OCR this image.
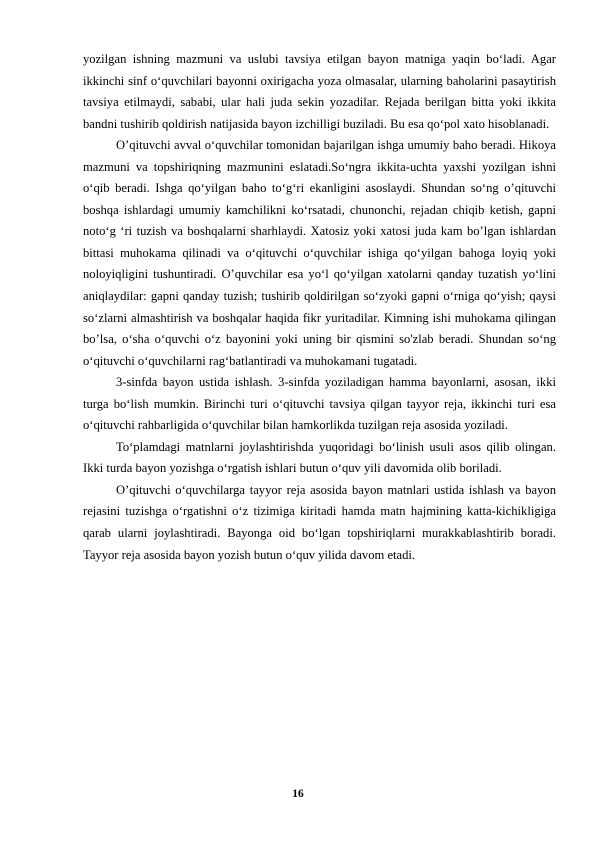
yozilgan ishning mazmuni va uslubi tavsiya etilgan bayon matniga yaqin bo‘ladi. Agar ikkinchi sinf o‘quvchilari bayonni oxirigacha yoza olmasalar, ularning baholarini pasaytirish tavsiya etilmaydi, sababi, ular hali juda sekin yozadilar. Rejada berilgan bitta yoki ikkita bandni tushirib qoldirish natijasida bayon izchilligi buziladi. Bu esa qo‘pol xato hisoblanadi.

O’qituvchi avval o‘quvchilar tomonidan bajarilgan ishga umumiy baho beradi. Hikoya mazmuni va topshiriqning mazmunini eslatadi.So‘ngra ikkita-uchta yaxshi yozilgan ishni o‘qib beradi. Ishga qo‘yilgan baho to‘g‘ri ekanligini asoslaydi. Shundan so‘ng o’qituvchi boshqa ishlardagi umumiy kamchilikni ko‘rsatadi, chunonchi, rejadan chiqib ketish, gapni noto‘g ‘ri tuzish va boshqalarni sharhlaydi. Xatosiz yoki xatosi juda kam bo’lgan ishlardan bittasi muhokama qilinadi va o‘qituvchi o‘quvchilar ishiga qo‘yilgan bahoga loyiq yoki noloyiqligini tushuntiradi. O’quvchilar esa yo‘l qo‘yilgan xatolarni qanday tuzatish yo‘lini aniqlaydilar: gapni qanday tuzish; tushirib qoldirilgan so‘zyoki gapni o‘rniga qo‘yish; qaysi so‘zlarni almashtirish va boshqalar haqida fikr yuritadilar. Kimning ishi muhokama qilingan bo’lsa, o‘sha o‘quvchi o‘z bayonini yoki uning bir qismini so'zlab beradi. Shundan so‘ng o‘qituvchi o‘quvchilarni rag‘batlantiradi va muhokamani tugatadi.

3-sinfda bayon ustida ishlash. 3-sinfda yoziladigan hamma bayonlarni, asosan, ikki turga bo‘lish mumkin. Birinchi turi o‘qituvchi tavsiya qilgan tayyor reja, ikkinchi turi esa o‘qituvchi rahbarligida o‘quvchilar bilan hamkorlikda tuzilgan reja asosida yoziladi.

To‘plamdagi matnlarni joylashtirishda yuqoridagi bo‘linish usuli asos qilib olingan. Ikki turda bayon yozishga o‘rgatish ishlari butun o‘quv yili davomida olib boriladi.

O’qituvchi o‘quvchilarga tayyor reja asosida bayon matnlari ustida ishlash va bayon rejasini tuzishga o‘rgatishni o‘z tizimiga kiritadi hamda matn hajmining katta-kichikligiga qarab ularni joylashtiradi. Bayonga oid bo‘lgan topshiriqlarni murakkablashtirib boradi. Tayyor reja asosida bayon yozish butun o‘quv yilida davom etadi.

16
